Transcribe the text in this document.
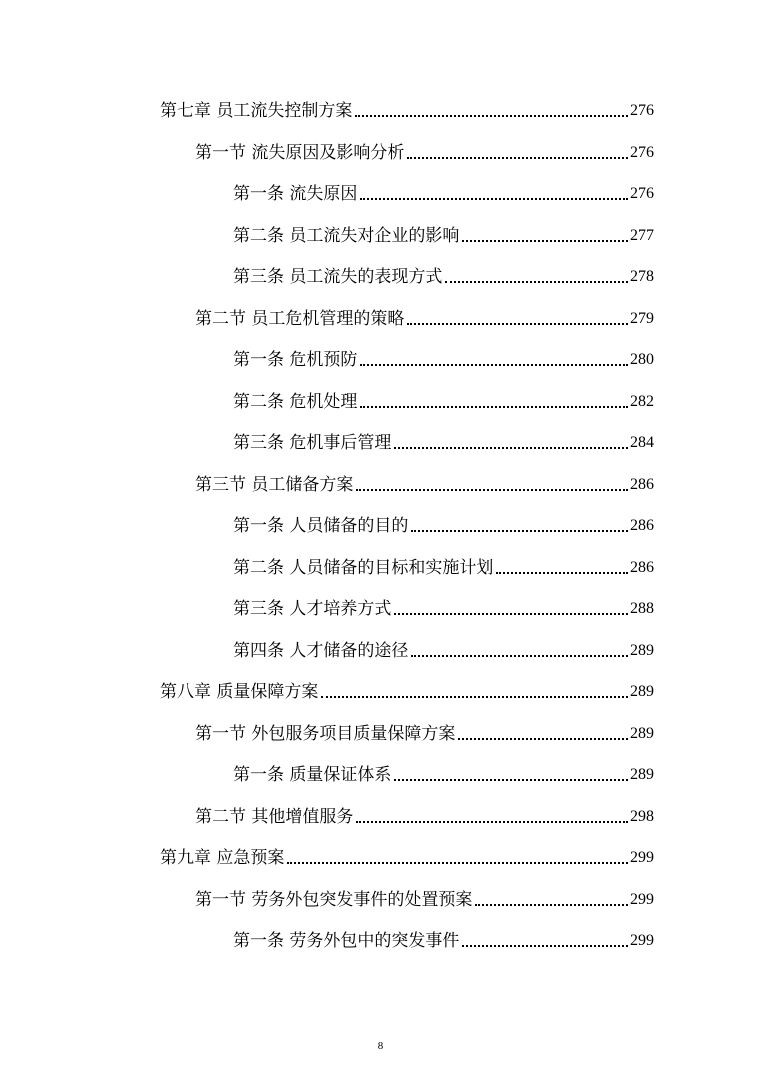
第七章 员工流失控制方案	276
第一节 流失原因及影响分析	276
第一条 流失原因	276
第二条 员工流失对企业的影响	277
第三条 员工流失的表现方式	278
第二节 员工危机管理的策略	279
第一条 危机预防	280
第二条 危机处理	282
第三条 危机事后管理	284
第三节 员工储备方案	286
第一条 人员储备的目的	286
第二条 人员储备的目标和实施计划	286
第三条 人才培养方式	288
第四条 人才储备的途径	289
第八章 质量保障方案	289
第一节 外包服务项目质量保障方案	289
第一条 质量保证体系	289
第二节 其他增值服务	298
第九章 应急预案	299
第一节 劳务外包突发事件的处置预案	299
第一条 劳务外包中的突发事件	299
8
